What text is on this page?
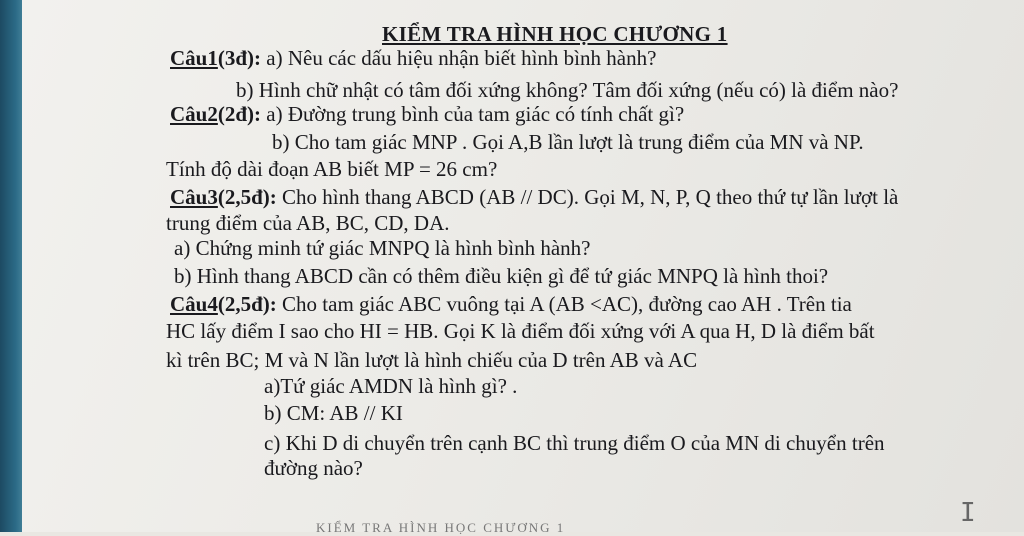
KIỂM TRA HÌNH HỌC CHƯƠNG 1
Câu1(3đ): a) Nêu các dấu hiệu nhận biết hình bình hành?
b) Hình chữ nhật có tâm đối xứng không? Tâm đối xứng (nếu có) là điểm nào?
Câu2(2đ): a) Đường trung bình của tam giác có tính chất gì?
b) Cho tam giác MNP . Gọi A,B lần lượt là trung điểm của MN và NP.
Tính độ dài đoạn AB biết MP = 26 cm?
Câu3(2,5đ): Cho hình thang ABCD (AB // DC). Gọi M, N, P, Q theo thứ tự lần lượt là
trung điểm của AB, BC, CD, DA.
a) Chứng minh tứ giác MNPQ là hình bình hành?
b) Hình thang ABCD cần có thêm điều kiện gì để tứ giác MNPQ là hình thoi?
Câu4(2,5đ): Cho tam giác ABC vuông tại A (AB <AC), đường cao AH . Trên tia
HC lấy điểm I sao cho HI = HB. Gọi K là điểm đối xứng với A qua H, D là điểm bất
kì trên BC; M và N lần lượt là hình chiếu của D trên AB và AC
a)Tứ giác AMDN là hình gì? .
b) CM: AB // KI
c) Khi D di chuyển trên cạnh BC thì trung điểm O của MN di chuyển trên
đường nào?
KIỂM TRA HÌNH HỌC CHƯƠNG 1	I
